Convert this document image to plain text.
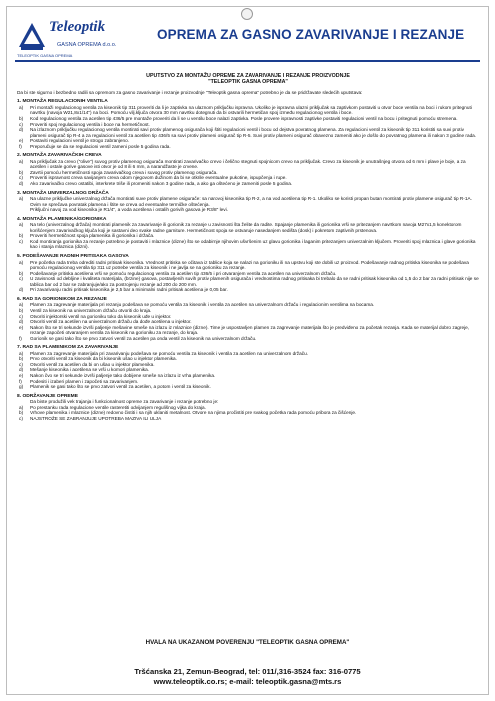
Teleoptik
GASNA OPREMA d.o.o.
TELEOPTIK GASNA OPREMA
OPREMA ZA GASNO ZAVARIVANJE I REZANJE
UPUTSTVO ZA MONTAŽU OPREME ZA ZAVARIVANJE I REZANJE PROIZVODNJE
"TELEOPTIK GASNA OPREMA"
Da bi ste sigurno i bezbedno radili sa opremom za gasno zavarivanje i rezanje proizvodnje "Teleoptik gasna oprema" potrebno je da se pridržavate sledećih uputstava:
1. MONTAŽA REGULACIONIH VENTILA
a)	Pri montaži regulacionog ventila za kiseonik tip 311 proveriti da li je zaptivka na ulaznom priključku ispravna. Ukoliko je ispravna ulazni priključak sa zaptivkom postaviti u otvor boce ventila na boci i rukom pritegnuti navrtku (navoja W21,8x1/14") na boci. Pomoću vilj.ključa otvora 30 mm navrtku dotegnuti da bi ostvarili hermetičan spoj između regulacionog ventila i boce.
b)	Kod regulacionog ventila za acetilen tip 436/5 pre montaže proveriti da li se u ventilu boce nalazi zaptivka. Posle provere ispravnosti zaptivke postaviti regulacioni ventil na bocu i pritegnuti pomoću stremena.
c)	Proveriti spoj regulacionog ventila i boce na hermetičnost.
d)	Na izlaznom priključku regulacionog ventila montirati savi protiv plamenog osigurača koji štiti regulacioni ventil i bocu od dejstva povratnog plamena. Za regulacioni ventil za kiseonik tip 311 koristiti sa suvi protiv plameni osigurač tip R-4 a za regulacioni ventil za acetilen tip 436/5 sa suvi protiv plameni osigurač tip R-5. Suvi protiv plameni osigurač obavezno zameniti ako je došlo do povratnog plamena ili nakon 3 godine rada.
e)	Postaviti regulacioni ventil je strogo zabranjeno.
f)	Preporučuje se da se regulacioni ventil zameni posle 5 godina rada.
2. MONTAŽA ZAVARIVAČKIH CREVA
a)	Na priključak za crevo ("olive") suvog protiv plamenog osigurača montirati zavarivačko crevo i čelično stegnuti spojnicom crevo na priključak. Crevo za kiseonik je unutrašnjeg otvora od 6 mm i plave je boje, a za acetilen i ostale gorive gasove isti otvor je od 8 ili 6 mm, a narandžaste je crvene.
b)	Zavrtii pomoću hermetičnosti spoja zavarivačkog creva i suvog protiv plamenog osigurača.
c)	Proveriti ispravnost creva savijanjem creva odom njegovom dužinom da bi se otkrile eventualne pukotine, ispupčenja i rupe.
d)	Ako zavarivačko crevo ostatibi, interkrete triše ili promeniti nakon 3 godine rada, a ako ga oštećeno je zameniti posle 5 godina.
3. MONTAŽA UNIVERZALNOG DRŽAČA
a)	Na ulazne priključke univerzalnog držača montirati suve protiv plamene osigurače: sa narovoj kiseonika tip R-2, a na vod acetilena tip R-1. Ukoliko se koristi propan butan montirati protiv plamene osigurač tip R-1A. Ovim se sprečava povratak plamena i štite se creva od eventualne termičke oštećenja.
Priključni navoj za vod kiseonika je R1/4", a voda acetilena i ostalih gorivih gasova je R3/8" levi.
4. MONTAŽA PLAMENIKA/GORIONIKA
a)	Na telo (univerzalnog držača) montirati plamenik za zavarivanje ili gorionik za rezanje u zavisnosti šta želite da radite. Spajanje plamenika ili gorionika vrši se pritezanjem navrtkom navoja M27x1,5 konektorom korišćenjem zavarivačkog ključa koji je sastavni deo svake radne garniture. Hermetičnost spoja se ostvaruje nasedanjem sedišta (dosk) i pokretom zaptivnih prstenova.
b)	Proveriti hermetičnost spoja plamenika ili gorionika i držača.
c)	Kod montiranja gorionika za rezanje potrebno je postaviti i mlaznice (dizne) što se odabirnje njihovim ušvršenim uz glavu gorionika i laganim pritezanjem univerzalnim ključem. Proveriti spoj mlaznica i glave gorionika kao i stanja mlaznica (dizni).
5. PODEŠAVANJE RADNIH PRITISAKA GASOVA
a)	Pre početka rada treba odrediti radni pritisak kiseonika. Vrednost pritiska se očitava iz tablice koja se nalazi na gorioniku ili na upstvu koji ste dobili uz proizvod. Podešavanje radnog pritiska kiseonika se podešava pomoću regulacionog ventila tip 311 uz potrebe ventila za kiseonik i ne javlja se na gorioniku za rezanje.
b)	Podešavanje pritiska acetilena vrši se pomoću regulacionog ventila za acetilen tip 436/5 i pri otvaranjem ventila za acetilen na univerzalnom držaču.
c)	U zavisnosti od debljine i kvaliteta materijala, (brzine) gasova, postavljenih suvih protiv plamenih osigurača i vrednostima radnog pritisaka bi trebalo da se radni pritisak kiseonika od 1,5 do 2 bar za radni pritisak nije se tablica bar od 2 bar se zabranjuje/ako za postrojenju rezanje ad 200 do 200 mm.
d)	Pri zavarivanju radni pritisak kiseonika je 2,5 bar a minimalni radni pritisak acetilena je 0,05 bar.
6. RAD SA GORIONIKOM ZA REZANJE
a)	Plamen za zagrevanje materijala pri rezanju podešava se pomoću ventila za kiseonik i ventila za acetilen na univerzalnom držaču i regulacionim ventilima na bocama.
b)	Ventil za kiseonik na univerzalnom držaču otvoriti do kraja.
c)	Otvoriti injektorski ventil na gorioniku toko da kiseonik uđe u injektor.
d)	Otvoriti ventil za acetilen na univerzalnom držaču da dođe acetilena u injektor.
e)	Nakon što se tri sekunde izvrši paljenje mešavine smeše na izlazu iz mlaznice (dizne). Time je uspostavljen plamen za zagrevanje materijala što je predviđeno za početak rezanja. Kada se materijal dobro zagreje, rezanje započeti otvaranjem ventila za kiseonik na gorioniku za rezanje, do kraja.
f)	Gorionik se gasi tako što se prvo zatvori ventil za acetilen pa onda ventil za kiseonik na univerzalnom držaču.
7. RAD SA PLAMENIKOM ZA ZAVARIVANJE
a)	Plamen za zagrevanje materijala pri zavarivanju podešava se pomoću ventila za kiseonik i ventila za acetilen na univerzalnom držaču.
b)	Prvo otvoriti ventil za kiseonik da bi kiseonik ušao u injektor plamenika.
c)	Otvoriti ventil za acetilen da bi on ušao u injektor plamenika.
d)	Mešanje kiseonika i acetilena se vrši u komori plamenika.
e)	Nakon čvo se tri sekunde izvrši paljenje tako dobijene smeše na izlazu iz vrha plamenika.
f)	Podesiti i izaberi plamen i započeti sa zavarivanjem.
g)	Plamenik se gasi tako što se prvo zatvori ventil za acetilen, a potom i ventil za kiseonik.
8. ODRŽAVANJE OPREME
Da biste produžili vek trajanja i funkcionalnost opreme za zavarivanje i rezanje potrebno je:
a)	Po prestanku rada regulacione ventile rasteretiti odvijanjem regulišnog vijka do kraja.
b)	Vrhove plamenika i mlaznice (dizne) redovno čistiti i sa njih uklaniti metalnost. Otvore na njima pročistiti pre svakog početka rada pomoću pribora za čišćenje.
c)	NAJSTROŽE SE ZABRANJUJE UPOTREBA MAZIVA ILI ULJA
HVALA NA UKAZANOM POVERENJU "TELEOPTIK GASNA OPREMA"
Tršćanska 21, Zemun-Beograd, tel: 011/,316-3524 fax: 316-0775
www.teleoptik.co.rs; e-mail: teleoptik.gasna@mts.rs
